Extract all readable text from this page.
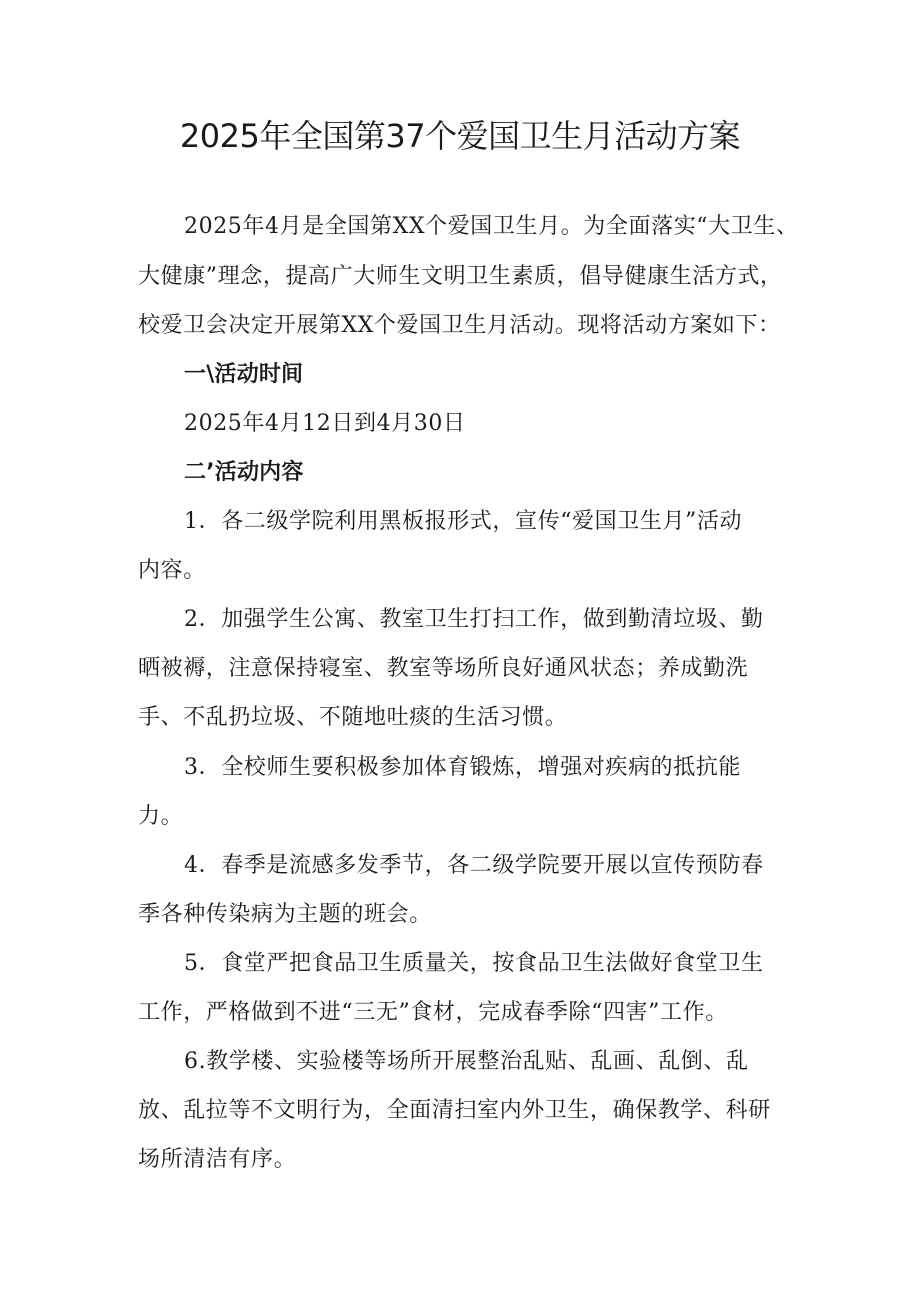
2025年全国第37个爱国卫生月活动方案
2025年4月是全国第XX个爱国卫生月。为全面落实“大卫生、
大健康”理念，提高广大师生文明卫生素质，倡导健康生活方式，
校爱卫会决定开展第XX个爱国卫生月活动。现将活动方案如下：
一\活动时间
2025年4月12日到4月30日
二’活动内容
1．各二级学院利用黑板报形式，宣传“爱国卫生月”活动
内容。
2．加强学生公寓、教室卫生打扫工作，做到勤清垃圾、勤
晒被褥，注意保持寝室、教室等场所良好通风状态；养成勤洗
手、不乱扔垃圾、不随地吐痰的生活习惯。
3．全校师生要积极参加体育锻炼，增强对疾病的抵抗能
力。
4．春季是流感多发季节，各二级学院要开展以宣传预防春
季各种传染病为主题的班会。
5．食堂严把食品卫生质量关，按食品卫生法做好食堂卫生
工作，严格做到不进“三无”食材，完成春季除“四害”工作。
6.教学楼、实验楼等场所开展整治乱贴、乱画、乱倒、乱
放、乱拉等不文明行为，全面清扫室内外卫生，确保教学、科研
场所清洁有序。
